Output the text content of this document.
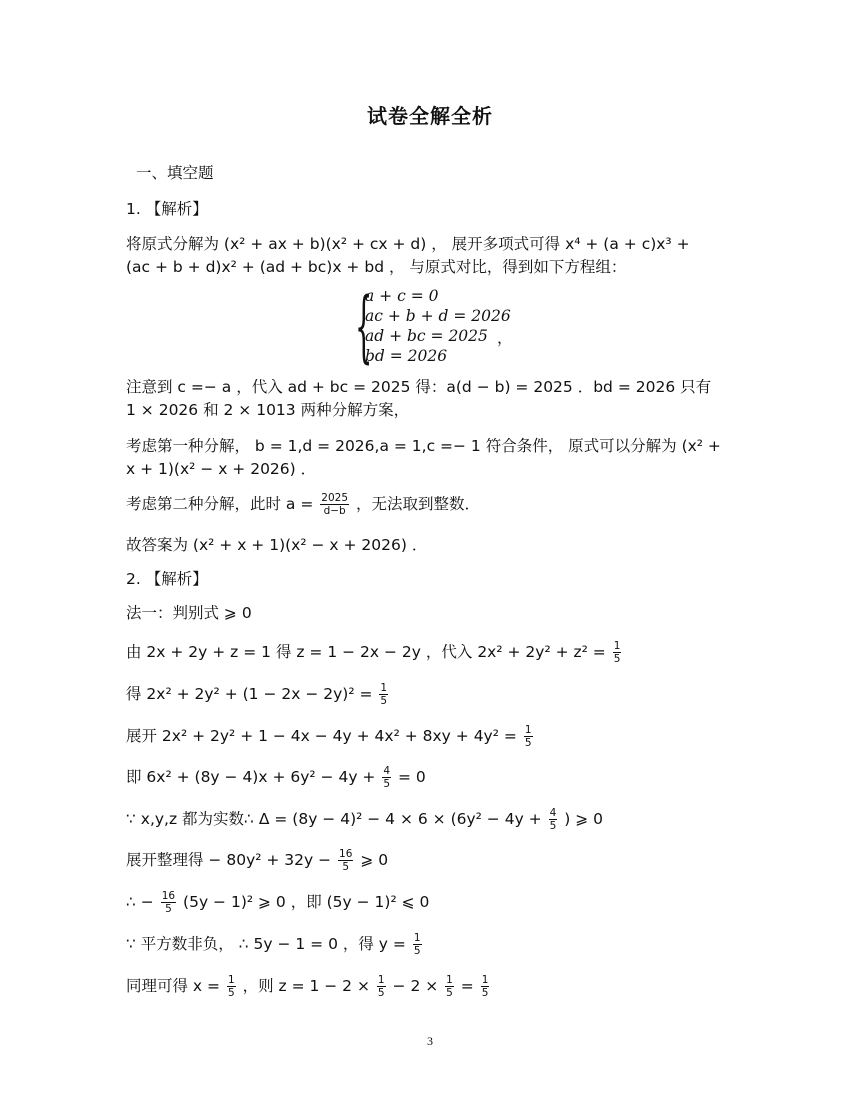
试卷全解全析
一、填空题
1. 【解析】
将原式分解为 (x² + ax + b)(x² + cx + d) ， 展开多项式可得 x⁴ + (a + c)x³ +
(ac + b + d)x² + (ad + bc)x + bd ， 与原式对比，得到如下方程组：
{
a + c = 0
ac + b + d = 2026
ad + bc = 2025
bd = 2026
，
注意到 c =− a ，代入 ad + bc = 2025 得：a(d − b) = 2025 ．bd = 2026 只有
1 × 2026 和 2 × 1013 两种分解方案，
考虑第一种分解， b = 1,d = 2026,a = 1,c =− 1 符合条件， 原式可以分解为 (x² +
x + 1)(x² − x + 2026) ．
考虑第二种分解，此时 $a = \frac{2025}{d-b}$ ，无法取到整数．
故答案为 (x² + x + 1)(x² − x + 2026) ．
2. 【解析】
法一：判别式 ⩾ 0
由 2x + 2y + z = 1 得 z = 1 − 2x − 2y ，代入 $2x^2 + 2y^2 + z^2 = \frac{1}{5}$
得 $2x^2 + 2y^2 + (1 - 2x - 2y)^2 = \frac{1}{5}$
展开 $2x^2 + 2y^2 + 1 - 4x - 4y + 4x^2 + 8xy + 4y^2 = \frac{1}{5}$
即 $6x^2 + (8y - 4)x + 6y^2 - 4y + \frac{4}{5} = 0$
∵ x,y,z 都为实数∴ $\Delta = (8y - 4)^2 - 4 \times 6 \times (6y^2 - 4y + \frac{4}{5}$ ) ⩾ 0
展开整理得 − $80y^2 + 32y - \frac{16}{5}$ ⩾ 0
∴ − $\frac{16}{5} (5y - 1)^2$ ⩾ 0 ，即 (5y − 1)² ⩽ 0
∵ 平方数非负， ∴ 5y − 1 = 0 ，得 $y = \frac{1}{5}$
同理可得 $x = \frac{1}{5}$ ，则 $z = 1 - 2 \times \frac{1}{5} - 2 \times \frac{1}{5} = \frac{1}{5}$
3
